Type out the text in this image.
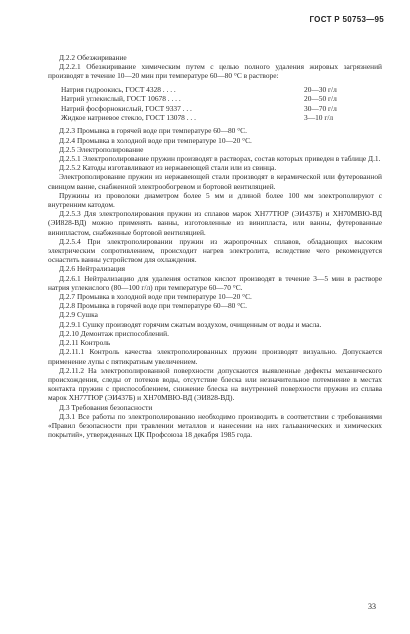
ГОСТ Р 50753—95

Д.2.2 Обезжиривание

Д.2.2.1 Обезжиривание химическим путем с целью полного удаления жировых загрязнений производят в течение 10—20 мин при температуре 60—80 °С в растворе:

Натрия гидроокись, ГОСТ 4328 . . . .	20—30 г/л
Натрий углекислый, ГОСТ 10678 . . . .	20—50 г/л
Натрий фосфорнокислый, ГОСТ 9337 . . .	30—70 г/л
Жидкое натриевое стекло, ГОСТ 13078 . . .	3—10 г/л

Д.2.3 Промывка в горячей воде при температуре 60—80 °С.

Д.2.4 Промывка в холодной воде при температуре 10—20 °С.

Д.2.5 Электрополирование

Д.2.5.1 Электрополирование пружин производят в растворах, состав которых приведен в таблице Д.1.

Д.2.5.2 Катоды изготавливают из нержавеющей стали или из свинца.

Электрополирование пружин из нержавеющей стали производят в керамической или футерованной свинцом ванне, снабженной электрообогревом и бортовой вентиляцией.

Пружины из проволоки диаметром более 5 мм и длиной более 100 мм электрополируют с внутренним катодом.

Д.2.5.3 Для электрополирования пружин из сплавов марок ХН77ТЮР (ЭИ437Б) и ХН70МВЮ-ВД (ЭИ828-ВД) можно применять ванны, изготовленные из винипласта, или ванны, футерованные винипластом, снабженные бортовой вентиляцией.

Д.2.5.4 При электрополировании пружин из жаропрочных сплавов, обладающих высоким электрическим сопротивлением, происходит нагрев электролита, вследствие чего рекомендуется оснастить ванны устройством для охлаждения.

Д.2.6 Нейтрализация

Д.2.6.1 Нейтрализацию для удаления остатков кислот производят в течение 3—5 мин в растворе натрия углекислого (80—100 г/л) при температуре 60—70 °С.

Д.2.7 Промывка в холодной воде при температуре 10—20 °С.

Д.2.8 Промывка в горячей воде при температуре 60—80 °С.

Д.2.9 Сушка

Д.2.9.1 Сушку производят горячим сжатым воздухом, очищенным от воды и масла.

Д.2.10 Демонтаж приспособлений.

Д.2.11 Контроль

Д.2.11.1 Контроль качества электрополированных пружин производят визуально. Допускается применение лупы с пятикратным увеличением.

Д.2.11.2 На электрополированной поверхности допускаются выявленные дефекты механического происхождения, следы от потеков воды, отсутствие блеска или незначительное потемнение в местах контакта пружин с приспособлением, снижение блеска на внутренней поверхности пружин из сплава марок ХН77ТЮР (ЭИ437Б) и ХН70МВЮ-ВД (ЭИ828-ВД).

Д.3 Требования безопасности

Д.3.1 Все работы по электрополированию необходимо производить в соответствии с требованиями «Правил безопасности при травлении металлов и нанесении на них гальванических и химических покрытий», утвержденных ЦК Профсоюза 18 декабря 1985 года.

33
